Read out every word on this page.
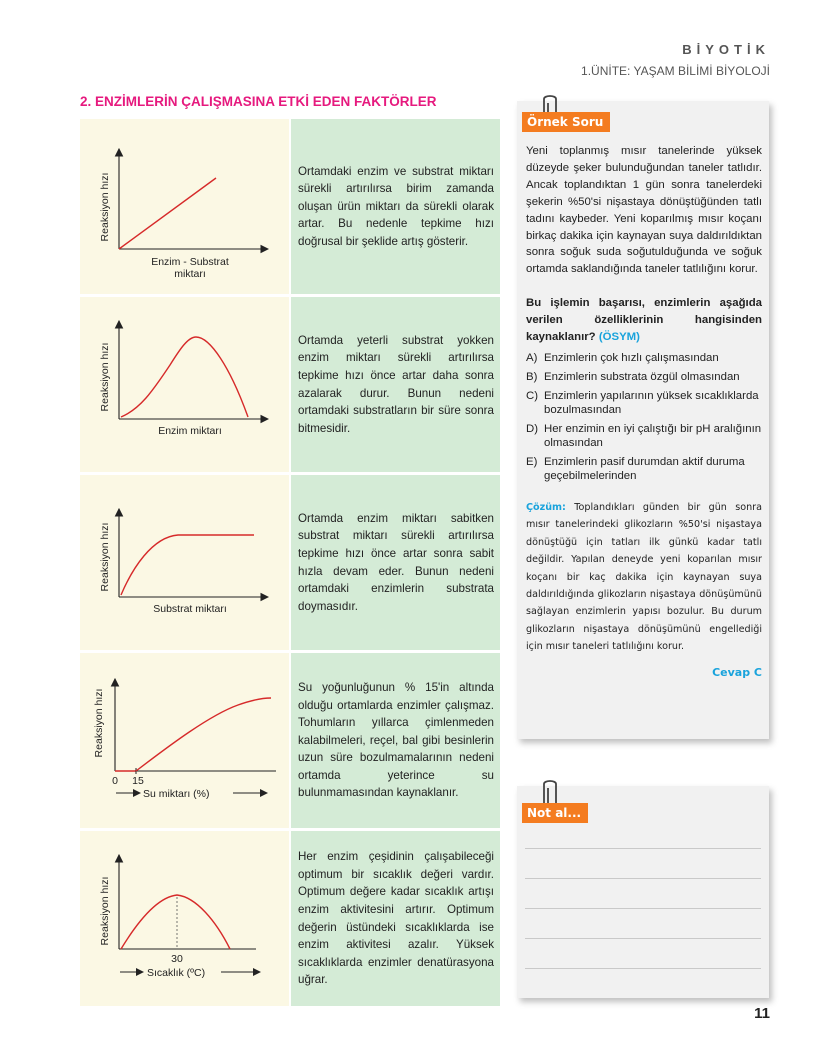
BİYOTİK
1.ÜNİTE: YAŞAM BİLİMİ BİYOLOJİ
2. ENZİMLERİN ÇALIŞMASINA ETKİ EDEN FAKTÖRLER
Reaksiyon hızı
Enzim - Substrat
miktarı

Ortamdaki enzim ve substrat miktarı sürekli artırılırsa birim zamanda oluşan ürün miktarı da sürekli olarak artar. Bu nedenle tepkime hızı doğrusal bir şeklide artış gösterir.

Reaksiyon hızı
Enzim miktarı

Ortamda yeterli substrat yokken enzim miktarı sürekli artırılırsa tepkime hızı önce artar daha sonra azalarak durur. Bunun nedeni ortamdaki substratların bir süre sonra bitmesidir.

Reaksiyon hızı
Substrat miktarı

Ortamda enzim miktarı sabitken substrat miktarı sürekli artırılırsa tepkime hızı önce artar sonra sabit hızla devam eder. Bunun nedeni ortamdaki enzimlerin substrata doymasıdır.

Reaksiyon hızı
0 15
Su miktarı (%)

Su yoğunluğunun % 15'in altında olduğu ortamlarda enzimler çalışmaz. Tohumların yıllarca çimlenmeden kalabilmeleri, reçel, bal gibi besinlerin uzun süre bozulmamalarının nedeni ortamda yeterince su bulunmamasından kaynaklanır.

Reaksiyon hızı
30
Sıcaklık (ºC)

Her enzim çeşidinin çalışabileceği optimum bir sıcaklık değeri vardır. Optimum değere kadar sıcaklık artışı enzim aktivitesini artırır. Optimum değerin üstündeki sıcaklıklarda ise enzim aktivitesi azalır. Yüksek sıcaklıklarda enzimler denatürasyona uğrar.

Örnek Soru

Yeni toplanmış mısır tanelerinde yüksek düzeyde şeker bulunduğundan taneler tatlıdır. Ancak toplandıktan 1 gün sonra tanelerdeki şekerin %50'si nişastaya dönüştüğünden tatlı tadını kaybeder. Yeni koparılmış mısır koçanı birkaç dakika için kaynayan suya daldırıldıktan sonra soğuk suda soğutulduğunda ve soğuk ortamda saklandığında taneler tatlılığını korur.

Bu işlemin başarısı, enzimlerin aşağıda verilen özelliklerinin hangisinden kaynaklanır? (ÖSYM)

A) Enzimlerin çok hızlı çalışmasından
B) Enzimlerin substrata özgül olmasından
C) Enzimlerin yapılarının yüksek sıcaklıklarda bozulmasından
D) Her enzimin en iyi çalıştığı bir pH aralığının olmasından
E) Enzimlerin pasif durumdan aktif duruma geçebilmelerinden

Çözüm: Toplandıkları günden bir gün sonra mısır tanelerindeki glikozların %50'si nişastaya dönüştüğü için tatları ilk günkü kadar tatlı değildir. Yapılan deneyde yeni koparılan mısır koçanı bir kaç dakika için kaynayan suya daldırıldığında glikozların nişastaya dönüşümünü sağlayan enzimlerin yapısı bozulur. Bu durum glikozların nişastaya dönüşümünü engellediği için mısır taneleri tatlılığını korur.

Cevap C
Not al...
11
